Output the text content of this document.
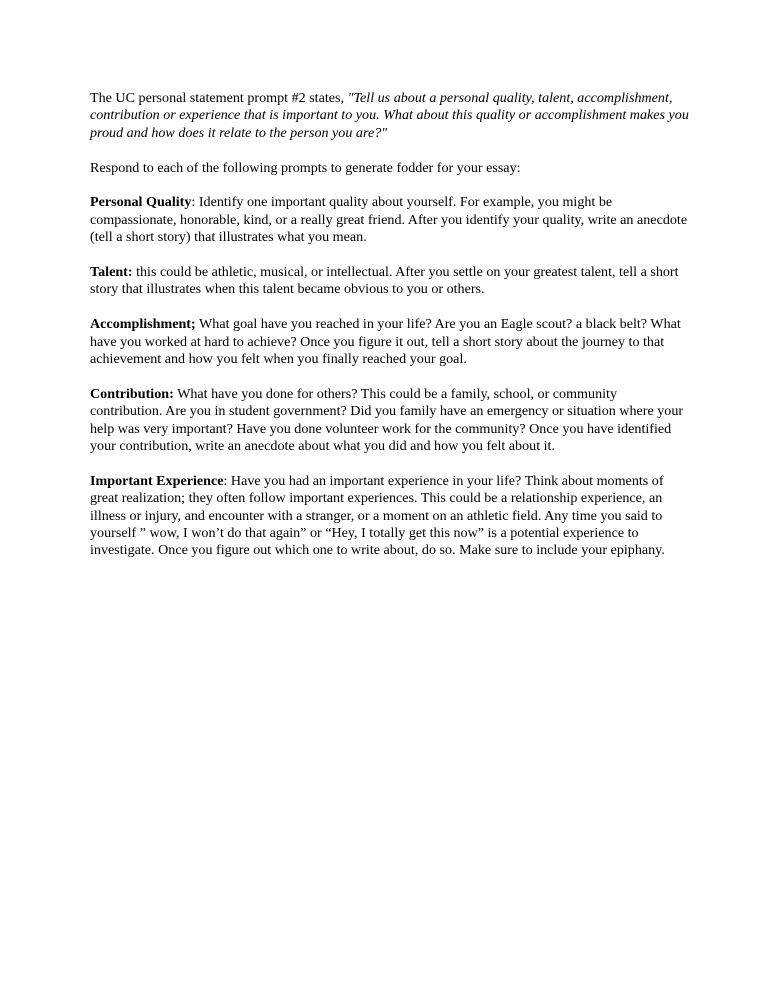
The UC personal statement prompt #2 states, "Tell us about a personal quality, talent, accomplishment, contribution or experience that is important to you. What about this quality or accomplishment makes you proud and how does it relate to the person you are?"

Respond to each of the following prompts to generate fodder for your essay:

Personal Quality: Identify one important quality about yourself. For example, you might be compassionate, honorable, kind, or a really great friend. After you identify your quality, write an anecdote (tell a short story) that illustrates what you mean.

Talent: this could be athletic, musical, or intellectual. After you settle on your greatest talent, tell a short story that illustrates when this talent became obvious to you or others.

Accomplishment; What goal have you reached in your life? Are you an Eagle scout? a black belt? What have you worked at hard to achieve? Once you figure it out, tell a short story about the journey to that achievement and how you felt when you finally reached your goal.

Contribution: What have you done for others? This could be a family, school, or community contribution. Are you in student government? Did you family have an emergency or situation where your help was very important? Have you done volunteer work for the community? Once you have identified your contribution, write an anecdote about what you did and how you felt about it.

Important Experience: Have you had an important experience in your life? Think about moments of great realization; they often follow important experiences. This could be a relationship experience, an illness or injury, and encounter with a stranger, or a moment on an athletic field. Any time you said to yourself ” wow, I won’t do that again” or “Hey, I totally get this now” is a potential experience to investigate. Once you figure out which one to write about, do so. Make sure to include your epiphany.
